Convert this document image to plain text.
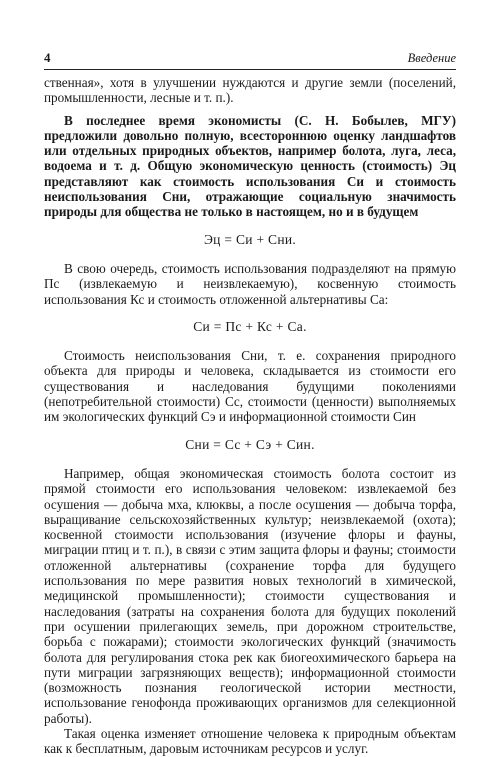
4	Введение

ственная», хотя в улучшении нуждаются и другие земли (поселений, промышленности, лесные и т. п.).

В последнее время экономисты (С. Н. Бобылев, МГУ) предложили довольно полную, всестороннюю оценку ландшафтов или отдельных природных объектов, например болота, луга, леса, водоема и т. д. Общую экономическую ценность (стоимость) Эц представляют как стоимость использования Си и стоимость неиспользования Сни, отражающие социальную значимость природы для общества не только в настоящем, но и в будущем

Эц = Си + Сни.

В свою очередь, стоимость использования подразделяют на прямую Пс (извлекаемую и неизвлекаемую), косвенную стоимость использования Кс и стоимость отложенной альтернативы Са:

Си = Пс + Кс + Са.

Стоимость неиспользования Сни, т. е. сохранения природного объекта для природы и человека, складывается из стоимости его существования и наследования будущими поколениями (непотребительной стоимости) Сс, стоимости (ценности) выполняемых им экологических функций Сэ и информационной стоимости Син

Сни = Сс + Сэ + Син.

Например, общая экономическая стоимость болота состоит из прямой стоимости его использования человеком: извлекаемой без осушения — добыча мха, клюквы, а после осушения — добыча торфа, выращивание сельскохозяйственных культур; неизвлекаемой (охота); косвенной стоимости использования (изучение флоры и фауны, миграции птиц и т. п.), в связи с этим защита флоры и фауны; стоимости отложенной альтернативы (сохранение торфа для будущего использования по мере развития новых технологий в химической, медицинской промышленности); стоимости существования и наследования (затраты на сохранения болота для будущих поколений при осушении прилегающих земель, при дорожном строительстве, борьба с пожарами); стоимости экологических функций (значимость болота для регулирования стока рек как биогеохимического барьера на пути миграции загрязняющих веществ); информационной стоимости (возможность познания геологической истории местности, использование генофонда проживающих организмов для селекционной работы).

Такая оценка изменяет отношение человека к природным объектам как к бесплатным, даровым источникам ресурсов и услуг.
